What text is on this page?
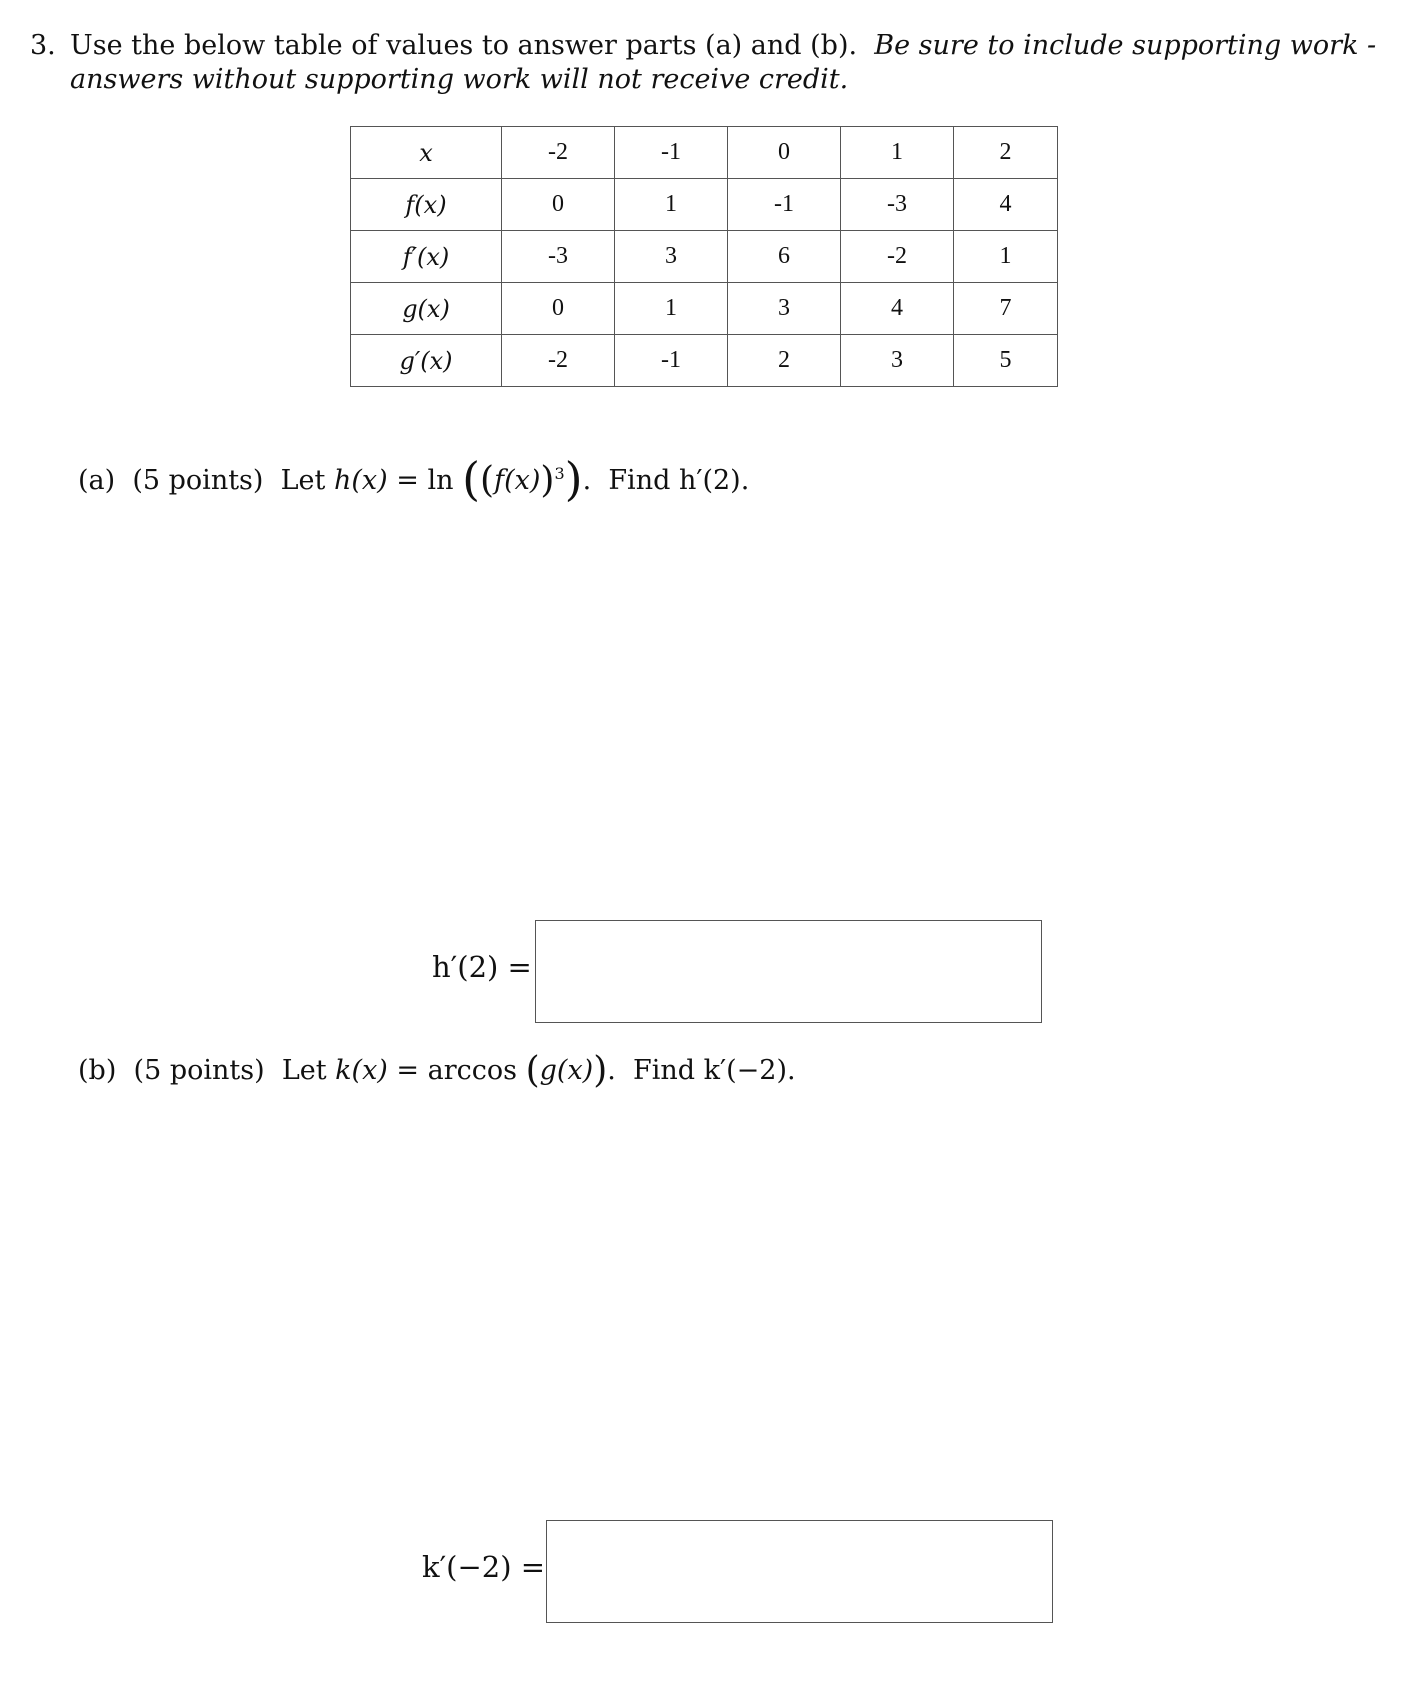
3. Use the below table of values to answer parts (a) and (b). Be sure to include supporting work -
answers without supporting work will not receive credit.
x	-2	-1	0	1	2
f(x)	0	1	-1	-3	4
f′(x)	-3	3	6	-2	1
g(x)	0	1	3	4	7
g′(x)	-2	-1	2	3	5
(a) (5 points) Let $h(x) = \ln ((f(x))^3)$.  Find h′(2).
h′(2) =
(b) (5 points) Let k(x) = arccos (g(x)).  Find k′(−2).
k′(−2) =
